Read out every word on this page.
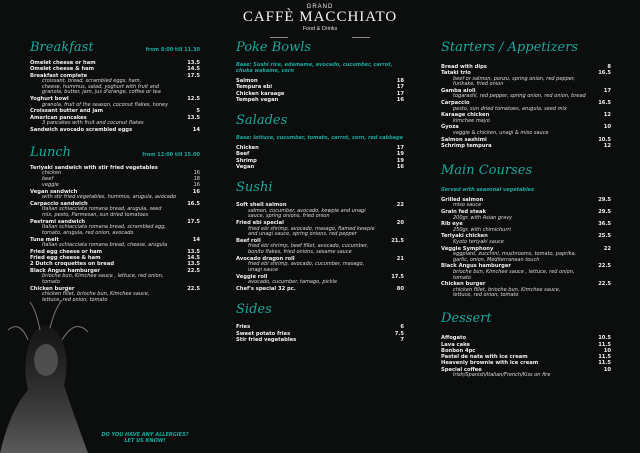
GRAND
CAFFÈ MACCHIATO
Food & Drinks
Breakfast	from 8:00 till 11.30
Omelet cheese or ham	13.5
Omelet cheese & ham	14.5
Breakfast complete	17.5
croissant, bread, scrambled eggs, ham,
cheese, hummus, salad, yoghurt with fruit and
granola, butter, jam, jus d'orange, coffee or tea
Yoghurt bowl	12.5
granola, fruit of the season, coconut flakes, honey
Croissant butter and jam	5
American pancakes	13.5
3 pancakes with fruit and coconut flakes
Sandwich avocado scrambled eggs	14
Lunch	from 12:00 till 15.00
Teriyaki sandwich with stir fried vegetables
chicken	16
beef	18
veggie	16
Vegan sandwich	16
with stir fried vegetables, hummus, arugula, avocado
Carpaccio sandwich	16.5
Italian schiacciata romana bread, arugula, seed
mix, pesto, Parmesan, sun dried tomatoes
Pastrami sandwich	17.5
Italian schiacciata romana bread, scrambled egg,
tomato, arugula, red onion, avocado
Tuna melt	14
Italian schiacciata romana bread, cheese, arugula
Fried egg cheese or ham	13.5
Fried egg cheese & ham	14.5
2 Dutch croquettes on bread	13.5
Black Angus hamburger	22.5
brioche bun, Kimchee sauce , lettuce, red onion,
tomato
Chicken burger	22.5
chicken fillet, brioche bun, Kimchee sauce,
lettuce, red onion, tomato
Poke Bowls
Base: Sushi rice, edamame, avocado, cucumber, carrot, chuka wakame, corn
Salmon	18
Tempura ebi	17
Chicken karaage	17
Tempeh vegan	16
Salades
Base: lettuce, cucumber, tomato, carrot, corn, red cabbage
Chicken	17
Beef	19
Shrimp	19
Vegan	16
Sushi
Soft shell salmon	22
salmon, cucumber, avocado, kewpie and unagi
sauce, spring onions, fried onion
Fried ebi special	20
fried ebi shrimp, avocado, masago, flamed kewpie
and unagi sauce, spring onions, red pepper
Beef roll	21.5
fried ebi shrimp, beef fillet, avocado, cucumber,
bonito flakes, fried onions, sesame sauce
Avocado dragon roll	21
fried ebi shrimp, avocado, cucumber, masago,
unagi sauce
Veggie roll	17.5
avocado, cucumber, tamago, pickle
Chef's special 32 pc.	80
Sides
Fries	6
Sweet potato fries	7.5
Stir fried vegetables	7
Starters / Appetizers
Bread with dips	8
Tataki trio	16.5
beef or salmon, ponzu, spring onion, red pepper,
furikake, fried onion
Gamba aioli	17
togarashi, red pepper, spring onion, red onion, bread
Carpaccio	16.5
pesto, sun dried tomatoes, arugula, seed mix
Karaage chicken	12
kimchee mayo
Gyoza	10
veggie & chicken, unagi & miso sauce
Salmon sashimi	10.5
Schrimp tempura	12
Main Courses
Served with seasonal vegetables
Grilled salmon	29.5
miso sauce
Grain fed steak	29.5
200gr. with Asian gravy
Rib eye	36.5
250gr. with chimichurri
Teriyaki chicken	25.5
Kyoto teriyaki sauce
Veggie Symphony	22
eggplant, zucchini, mushrooms, tomato, paprika,
garlic, onion, Mediterranean touch
Black Angus hamburger	22.5
brioche bun, Kimchee sauce , lettuce, red onion,
tomato
Chicken burger	22.5
chicken fillet, brioche bun, Kimchee sauce,
lettuce, red onion, tomato
Dessert
Affogato	10.5
Lava cake	11.5
Bonbon 4pc	10
Pastel de nata with ice cream	11.5
Heavenly brownie with ice cream	11.5
Special coffee	10
Irish/Spanish/Italian/French/Kiss on fire
DO YOU HAVE ANY ALLERGIES?
LET US KNOW!
